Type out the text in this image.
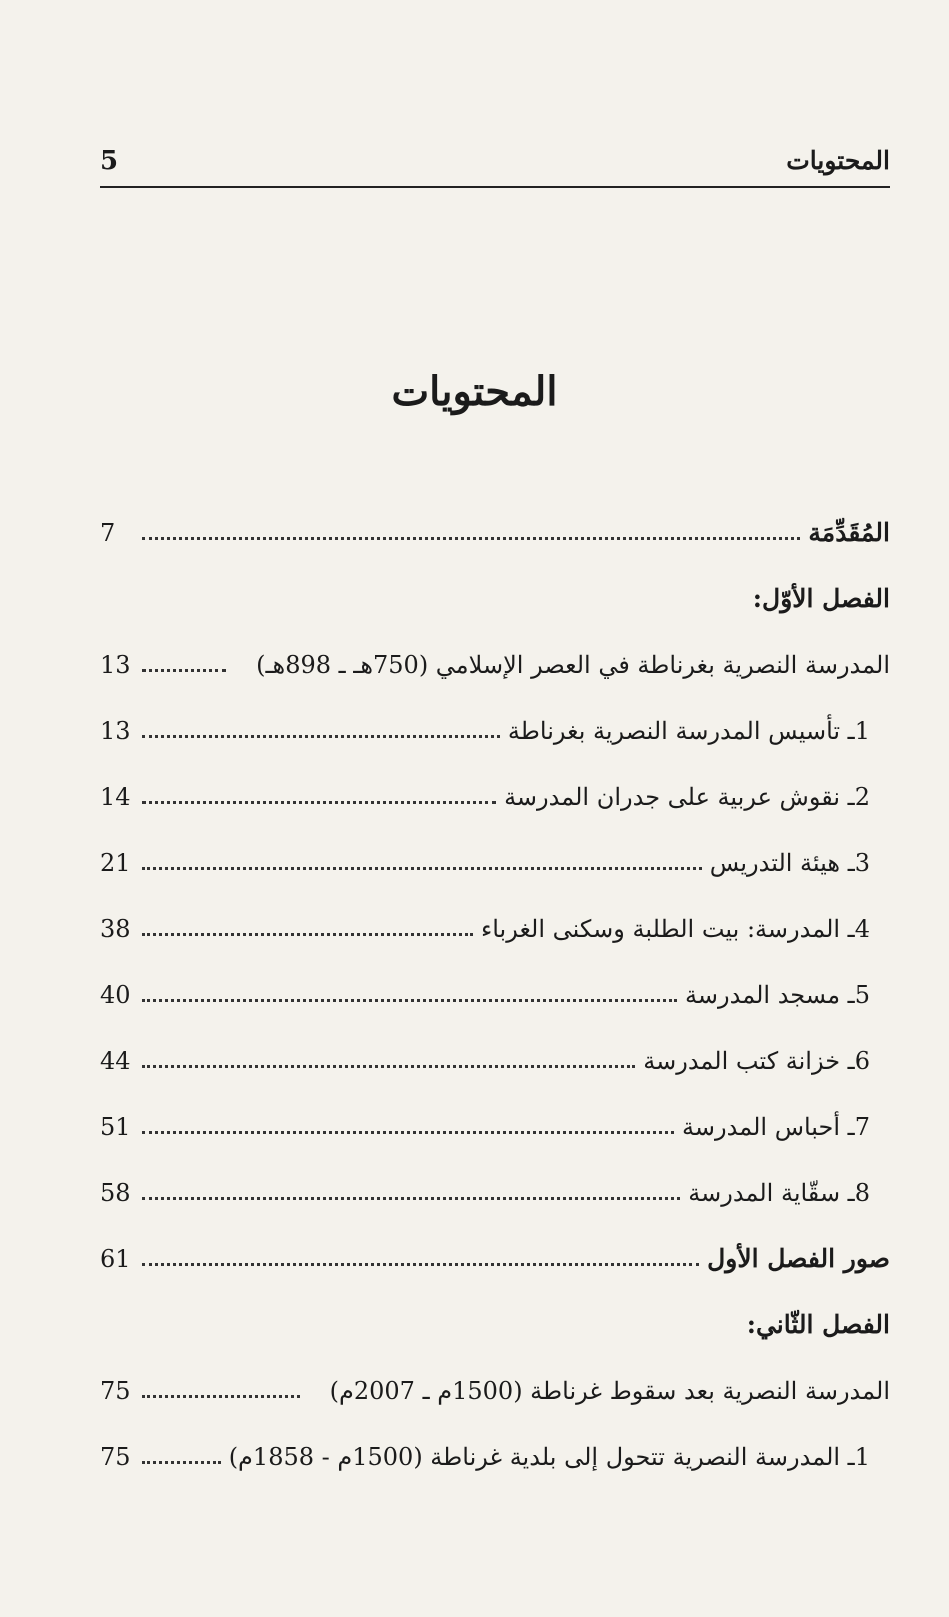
المحتويات
5
المحتويات
المُقَدِّمَة
7
الفصل الأوّل:
المدرسة النصرية بغرناطة في العصر الإسلامي (750هـ ـ 898هـ)
13
1ـ تأسيس المدرسة النصرية بغرناطة
13
2ـ نقوش عربية على جدران المدرسة
14
3ـ هيئة التدريس
21
4ـ المدرسة: بيت الطلبة وسكنى الغرباء
38
5ـ مسجد المدرسة
40
6ـ خزانة كتب المدرسة
44
7ـ أحباس المدرسة
51
8ـ سقّاية المدرسة
58
صور الفصل الأول
61
الفصل الثّاني:
المدرسة النصرية بعد سقوط غرناطة (1500م ـ 2007م)
75
1ـ المدرسة النصرية تتحول إلى بلدية غرناطة (1500م - 1858م)
75
